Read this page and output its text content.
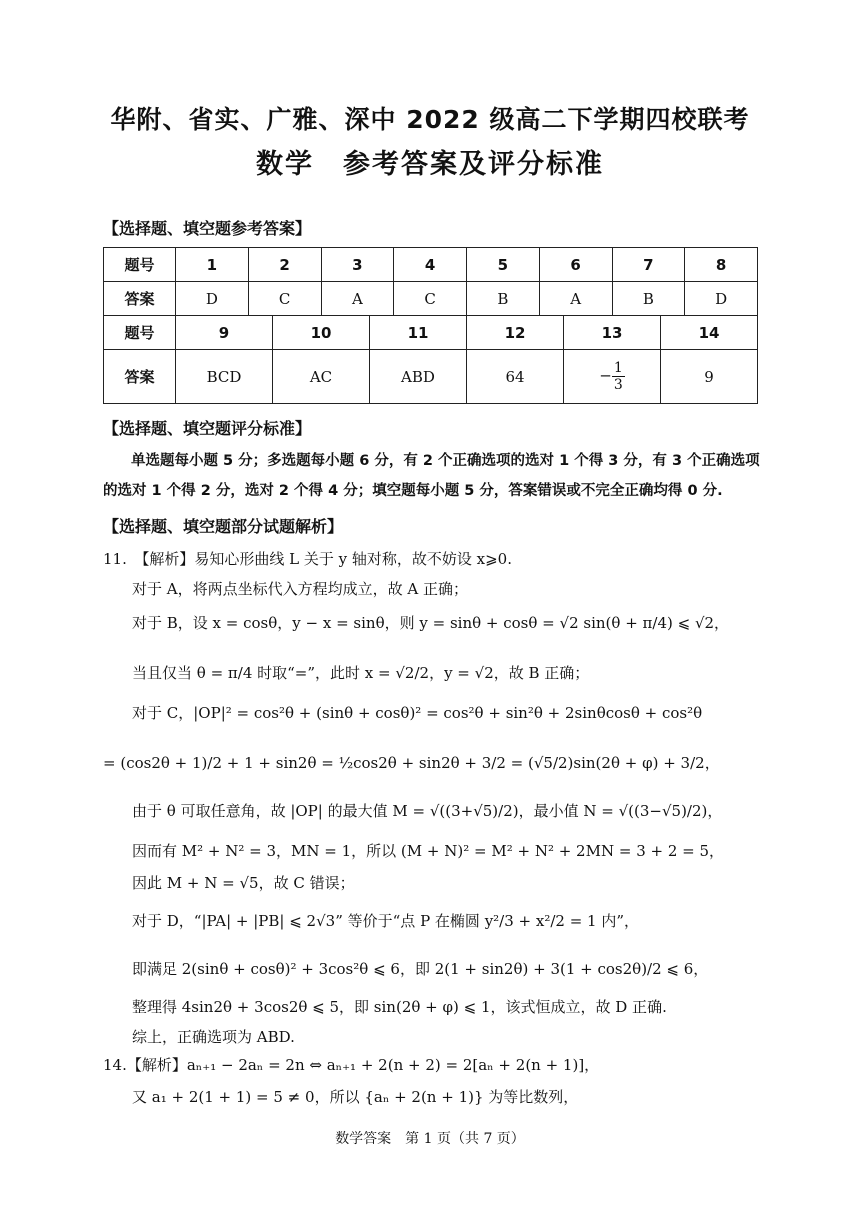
华附、省实、广雅、深中 2022 级高二下学期四校联考
数学　参考答案及评分标准
【选择题、填空题参考答案】
题号	1	2	3	4	5	6	7	8
答案	D	C	A	C	B	A	B	D
题号	9	10	11	12	13	14
答案	BCD	AC	ABD	64	− $\frac{1}{3}$	9
【选择题、填空题评分标准】
单选题每小题 5 分；多选题每小题 6 分，有 2 个正确选项的选对 1 个得 3 分，有 3 个正确选项
的选对 1 个得 2 分，选对 2 个得 4 分；填空题每小题 5 分，答案错误或不完全正确均得 0 分.
【选择题、填空题部分试题解析】
11.　【解析】易知心形曲线 L 关于 y 轴对称，故不妨设 x⩾0.
对于 A，将两点坐标代入方程均成立，故 A 正确；
对于 B，设 x = cosθ，y − x = sinθ，则 y = sinθ + cosθ = √2 sin(θ + π/4) ⩽ √2，
当且仅当 θ = π/4 时取“=”，此时 x = √2/2，y = √2，故 B 正确；
对于 C，|OP|² = cos²θ + (sinθ + cosθ)² = cos²θ + sin²θ + 2sinθcosθ + cos²θ
= (cos2θ + 1)/2 + 1 + sin2θ = ½cos2θ + sin2θ + 3/2 = (√5/2)sin(2θ + φ) + 3/2，
由于 θ 可取任意角，故 |OP| 的最大值 M = √((3+√5)/2)，最小值 N = √((3−√5)/2)，
因而有 M² + N² = 3，MN = 1，所以 (M + N)² = M² + N² + 2MN = 3 + 2 = 5，
因此 M + N = √5，故 C 错误；
对于 D，“|PA| + |PB| ⩽ 2√3” 等价于“点 P 在椭圆 y²/3 + x²/2 = 1 内”，
即满足 2(sinθ + cosθ)² + 3cos²θ ⩽ 6，即 2(1 + sin2θ) + 3(1 + cos2θ)/2 ⩽ 6，
整理得 4sin2θ + 3cos2θ ⩽ 5，即 sin(2θ + φ) ⩽ 1，该式恒成立，故 D 正确.
综上，正确选项为 ABD.
14.【解析】aₙ₊₁ − 2aₙ = 2n ⇔ aₙ₊₁ + 2(n + 2) = 2[aₙ + 2(n + 1)]，
又 a₁ + 2(1 + 1) = 5 ≠ 0，所以 {aₙ + 2(n + 1)} 为等比数列，
数学答案　第 1 页（共 7 页）
